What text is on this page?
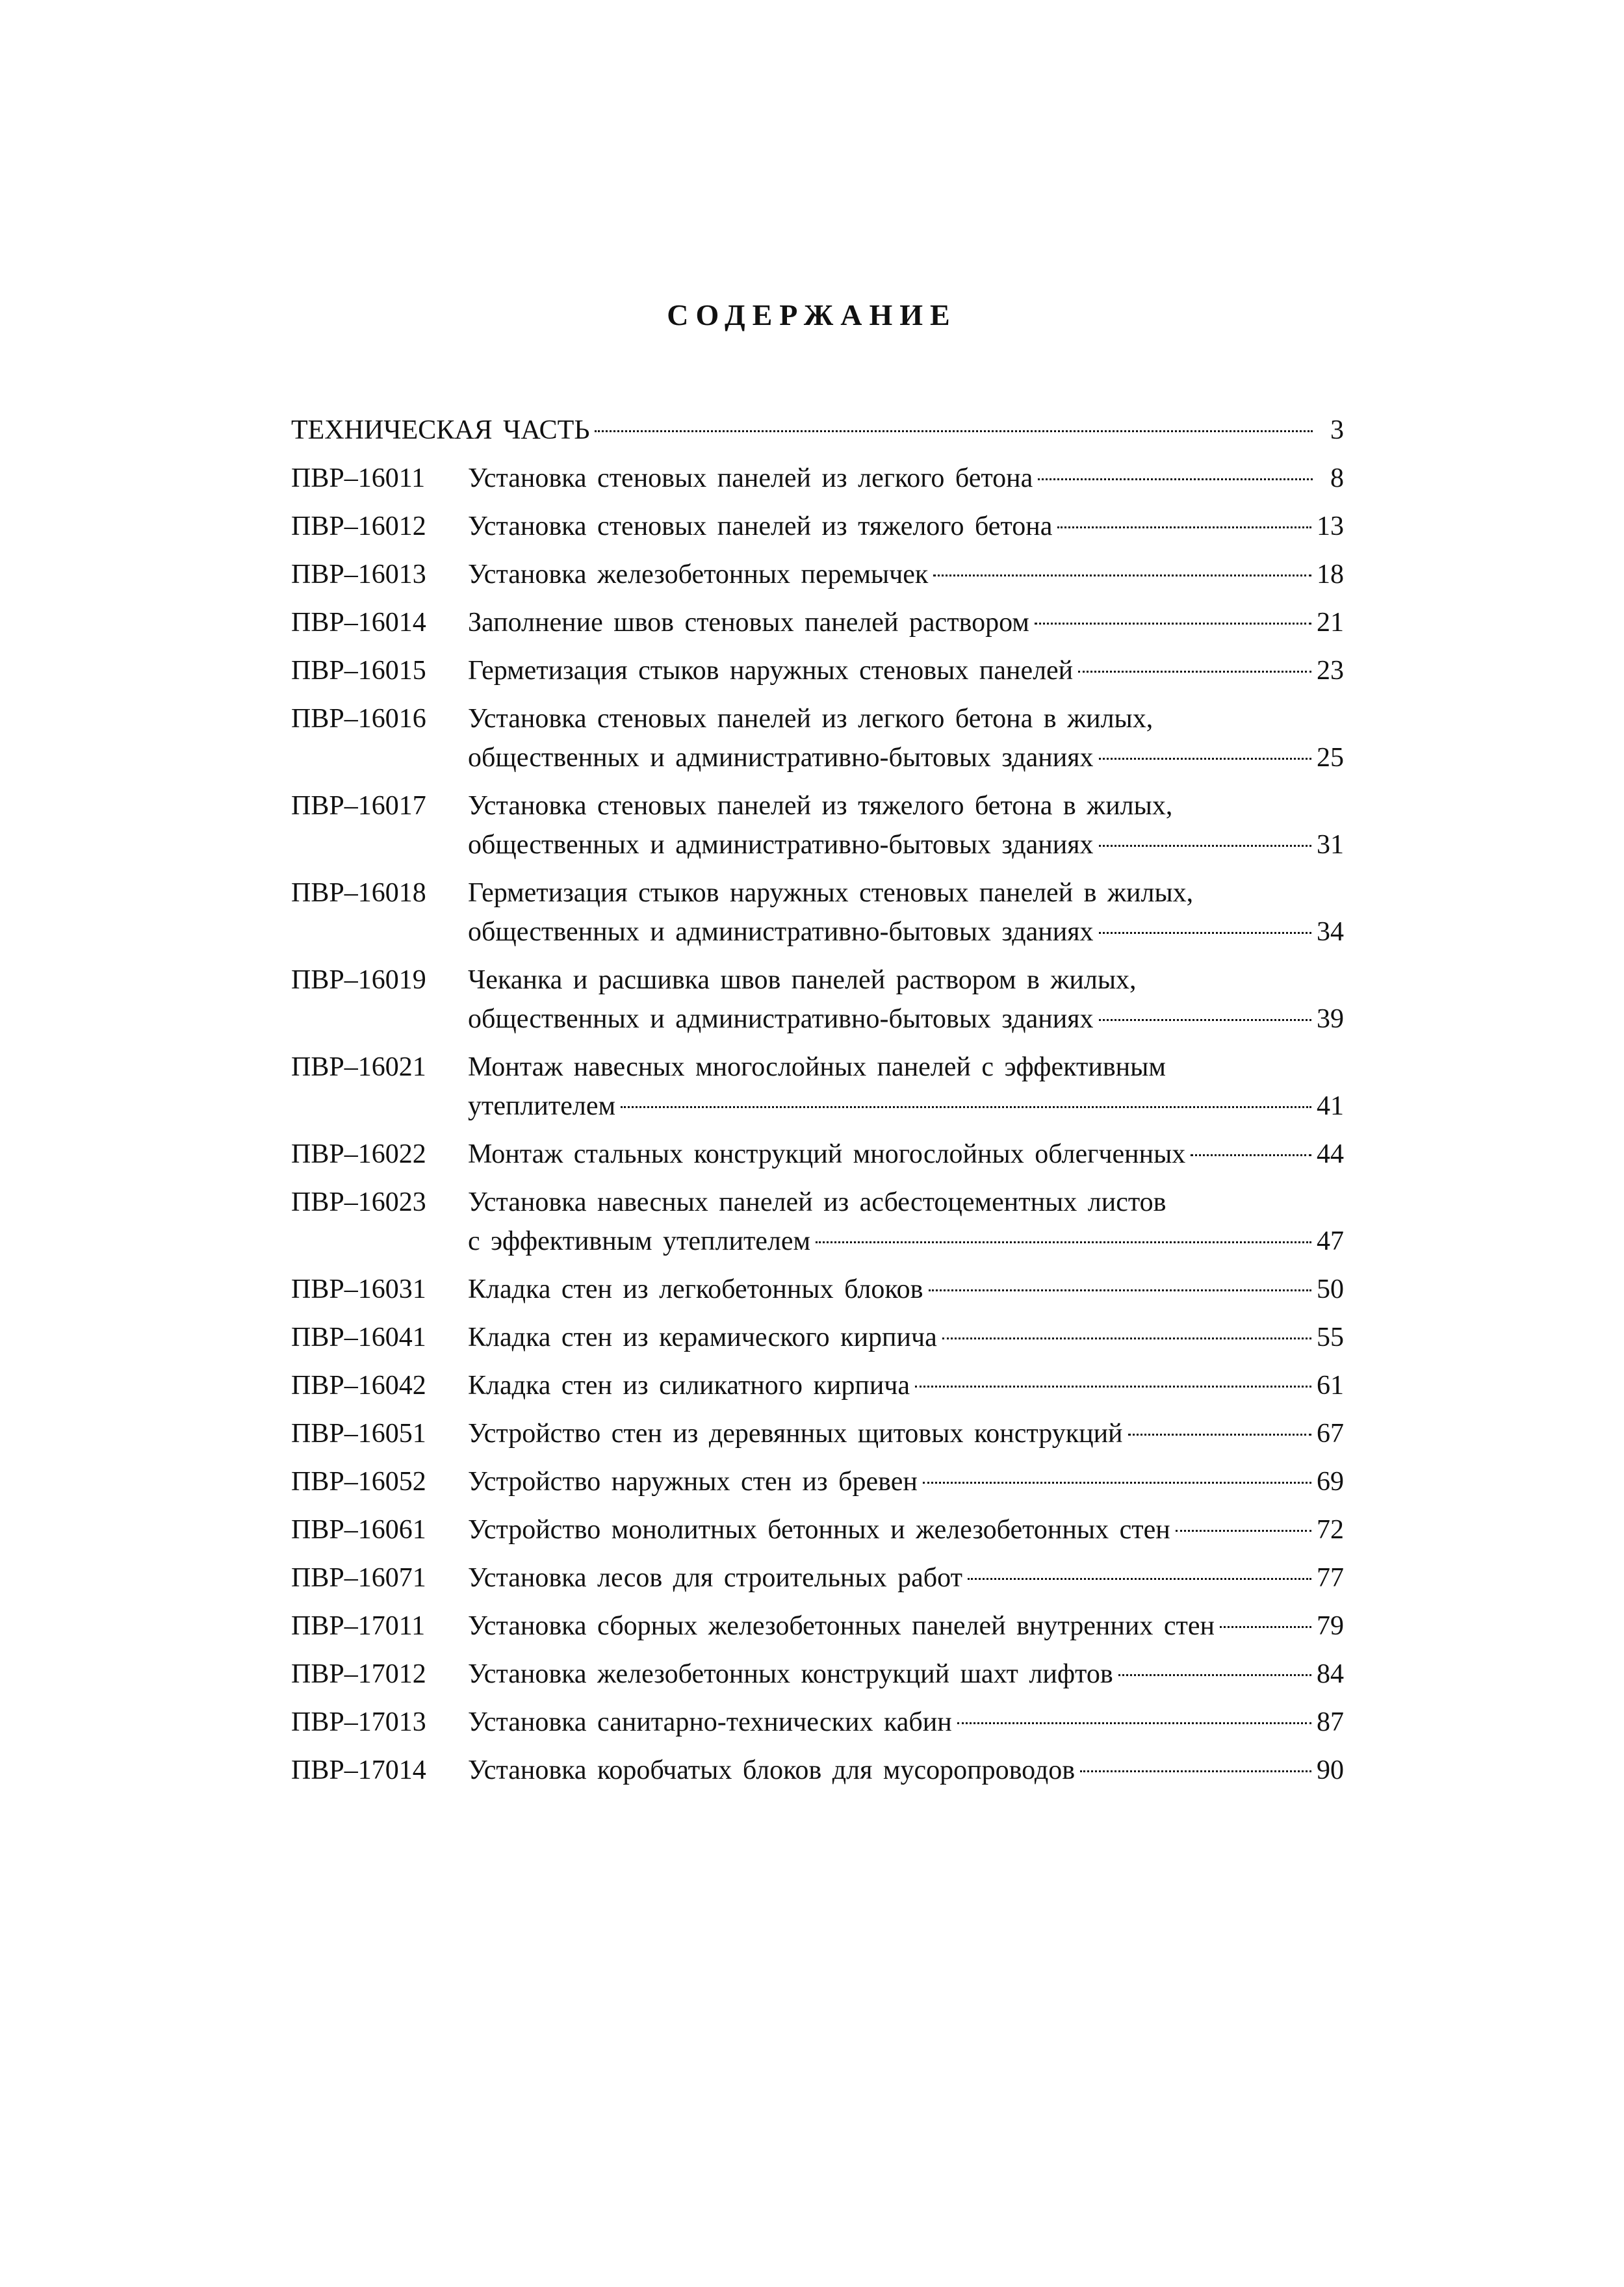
СОДЕРЖАНИЕ
ТЕХНИЧЕСКАЯ ЧАСТЬ	3
ПВР–16011	Установка стеновых панелей из легкого бетона	8
ПВР–16012	Установка стеновых панелей из тяжелого бетона	13
ПВР–16013	Установка железобетонных перемычек	18
ПВР–16014	Заполнение швов стеновых панелей раствором	21
ПВР–16015	Герметизация стыков наружных стеновых панелей	23
ПВР–16016	Установка стеновых панелей из легкого бетона в жилых,
общественных и административно-бытовых зданиях	25
ПВР–16017	Установка стеновых панелей из тяжелого бетона в жилых,
общественных и административно-бытовых зданиях	31
ПВР–16018	Герметизация стыков наружных стеновых панелей в жилых,
общественных и административно-бытовых зданиях	34
ПВР–16019	Чеканка и расшивка швов панелей раствором в жилых,
общественных и административно-бытовых зданиях	39
ПВР–16021	Монтаж навесных многослойных панелей с эффективным
утеплителем	41
ПВР–16022	Монтаж стальных конструкций многослойных облегченных	44
ПВР–16023	Установка навесных панелей из асбестоцементных листов
с эффективным утеплителем	47
ПВР–16031	Кладка стен из легкобетонных блоков	50
ПВР–16041	Кладка стен из керамического кирпича	55
ПВР–16042	Кладка стен из силикатного кирпича	61
ПВР–16051	Устройство стен из деревянных щитовых конструкций	67
ПВР–16052	Устройство наружных стен из бревен	69
ПВР–16061	Устройство монолитных бетонных и железобетонных стен	72
ПВР–16071	Установка лесов для строительных работ	77
ПВР–17011	Установка сборных железобетонных панелей внутренних стен	79
ПВР–17012	Установка железобетонных конструкций шахт лифтов	84
ПВР–17013	Установка санитарно-технических кабин	87
ПВР–17014	Установка коробчатых блоков для мусоропроводов	90
